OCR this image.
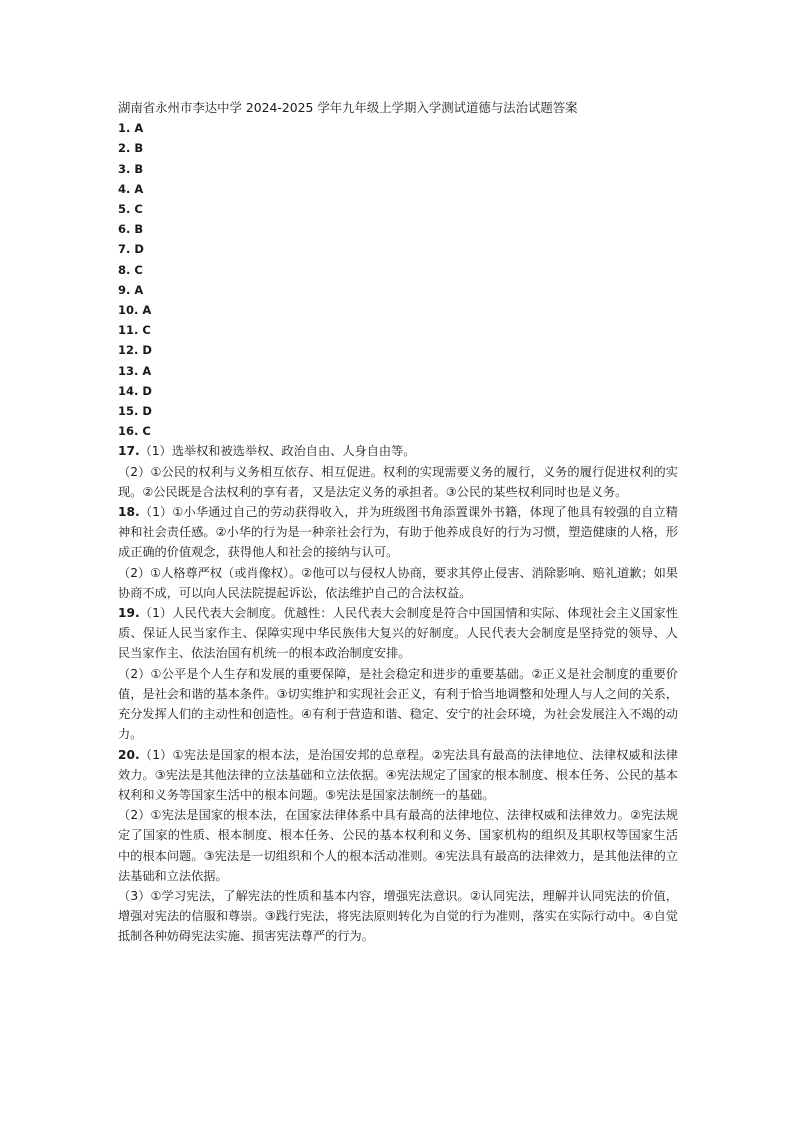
湖南省永州市李达中学 2024-2025 学年九年级上学期入学测试道德与法治试题答案
1. A
2. B
3. B
4. A
5. C
6. B
7. D
8. C
9. A
10. A
11. C
12. D
13. A
14. D
15. D
16. C
17.（1）选举权和被选举权、政治自由、人身自由等。
（2）①公民的权利与义务相互依存、相互促进。权利的实现需要义务的履行，义务的履行促进权利的实现。②公民既是合法权利的享有者，又是法定义务的承担者。③公民的某些权利同时也是义务。
18.（1）①小华通过自己的劳动获得收入，并为班级图书角添置课外书籍，体现了他具有较强的自立精神和社会责任感。②小华的行为是一种亲社会行为，有助于他养成良好的行为习惯，塑造健康的人格，形成正确的价值观念，获得他人和社会的接纳与认可。
（2）①人格尊严权（或肖像权）。②他可以与侵权人协商，要求其停止侵害、消除影响、赔礼道歉；如果协商不成，可以向人民法院提起诉讼，依法维护自己的合法权益。
19.（1）人民代表大会制度。优越性：人民代表大会制度是符合中国国情和实际、体现社会主义国家性质、保证人民当家作主、保障实现中华民族伟大复兴的好制度。人民代表大会制度是坚持党的领导、人民当家作主、依法治国有机统一的根本政治制度安排。
（2）①公平是个人生存和发展的重要保障，是社会稳定和进步的重要基础。②正义是社会制度的重要价值，是社会和谐的基本条件。③切实维护和实现社会正义，有利于恰当地调整和处理人与人之间的关系，充分发挥人们的主动性和创造性。④有利于营造和谐、稳定、安宁的社会环境，为社会发展注入不竭的动力。
20.（1）①宪法是国家的根本法，是治国安邦的总章程。②宪法具有最高的法律地位、法律权威和法律效力。③宪法是其他法律的立法基础和立法依据。④宪法规定了国家的根本制度、根本任务、公民的基本权利和义务等国家生活中的根本问题。⑤宪法是国家法制统一的基础。
（2）①宪法是国家的根本法，在国家法律体系中具有最高的法律地位、法律权威和法律效力。②宪法规定了国家的性质、根本制度、根本任务、公民的基本权利和义务、国家机构的组织及其职权等国家生活中的根本问题。③宪法是一切组织和个人的根本活动准则。④宪法具有最高的法律效力，是其他法律的立法基础和立法依据。
（3）①学习宪法，了解宪法的性质和基本内容，增强宪法意识。②认同宪法，理解并认同宪法的价值，增强对宪法的信服和尊崇。③践行宪法，将宪法原则转化为自觉的行为准则，落实在实际行动中。④自觉抵制各种妨碍宪法实施、损害宪法尊严的行为。
